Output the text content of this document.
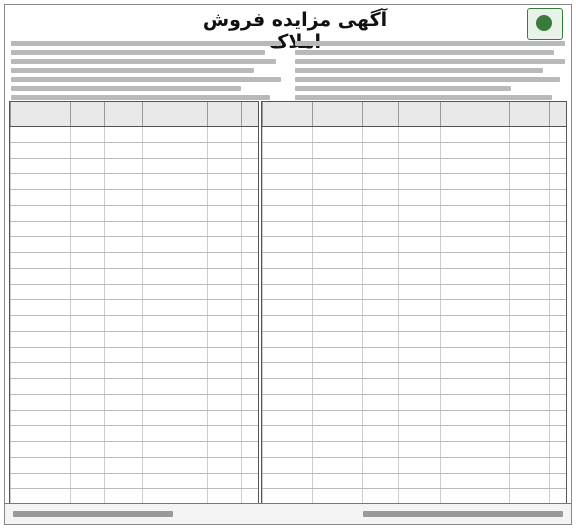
آگهی مزایده فروش
